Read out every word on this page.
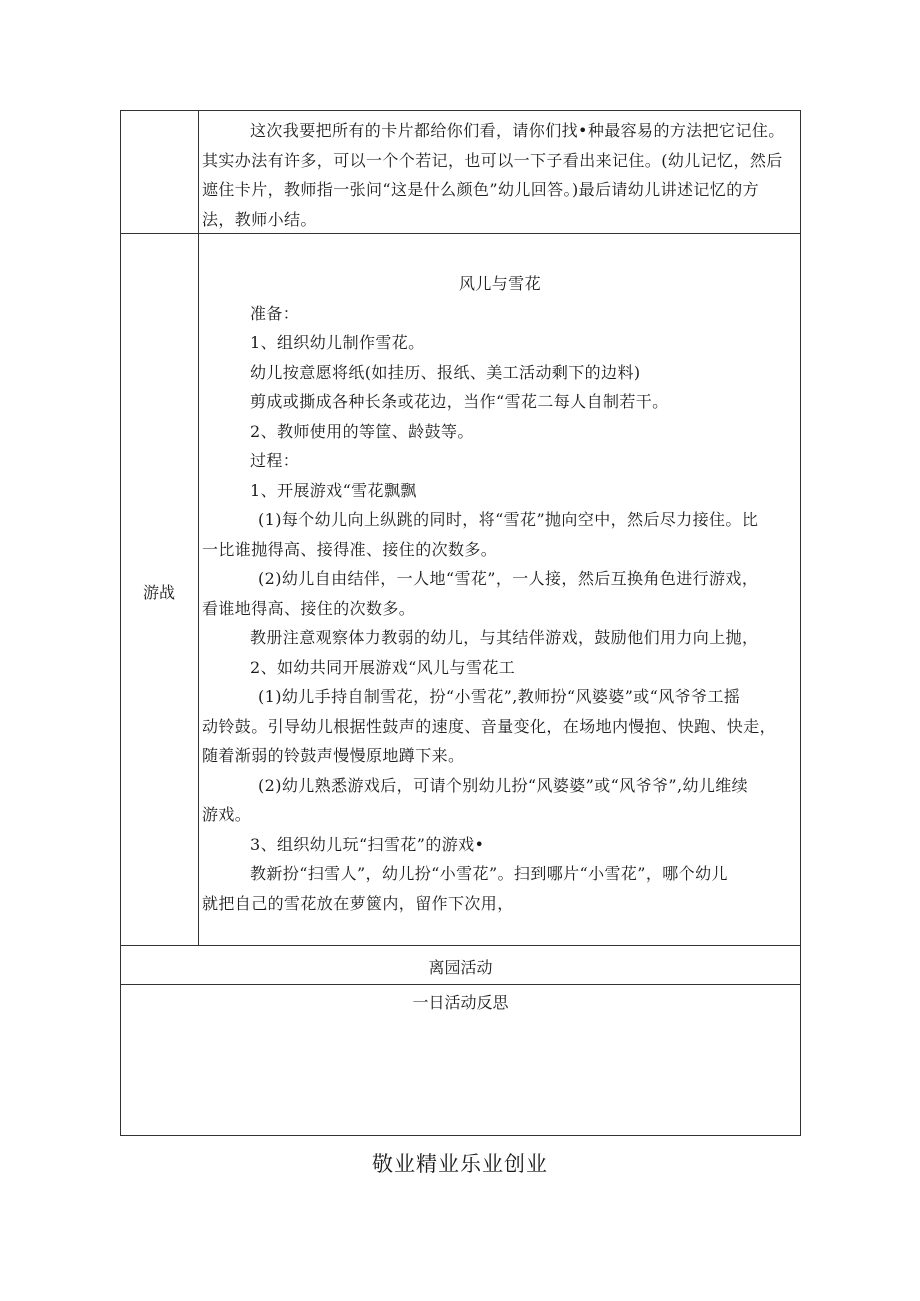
这次我要把所有的卡片都给你们看，请你们找•种最容易的方法把它记住。

其实办法有许多，可以一个个若记，也可以一下子看出来记住。(幼儿记忆，然后

遮住卡片，教师指一张问“这是什么颜色”幼儿回答。)最后请幼儿讲述记忆的方

法，教师小结。

游战

风儿与雪花

准备：

1、组织幼儿制作雪花。

幼儿按意愿将纸(如挂历、报纸、美工活动剩下的边料)

剪成或撕成各种长条或花边，当作“雪花二每人自制若干。

2、教师使用的等筐、龄鼓等。

过程：

1、开展游戏“雪花飘飘

(1)每个幼儿向上纵跳的同时，将“雪花”抛向空中，然后尽力接住。比

一比谁抛得高、接得准、接住的次数多。

(2)幼儿自由结伴，一人地“雪花”，一人接，然后互换角色进行游戏，

看谁地得高、接住的次数多。

教册注意观察体力教弱的幼儿，与其结伴游戏，鼓励他们用力向上抛，

2、如幼共同开展游戏“风儿与雪花工

(1)幼儿手持自制雪花，扮“小雪花”,教师扮“风婆婆”或“风爷爷工摇

动铃鼓。引导幼儿根据性鼓声的速度、音量变化，在场地内慢抱、快跑、快走，

随着渐弱的铃鼓声慢慢原地蹲下来。

(2)幼儿熟悉游戏后，可请个别幼儿扮“风婆婆”或“风爷爷”,幼儿维续

游戏。

3、组织幼儿玩“扫雪花”的游戏•

教新扮“扫雪人”，幼儿扮“小雪花”。扫到哪片“小雪花”，哪个幼儿

就把自己的雪花放在萝篋内，留作下次用，

离园活动
一日活动反思
敬业精业乐业创业
